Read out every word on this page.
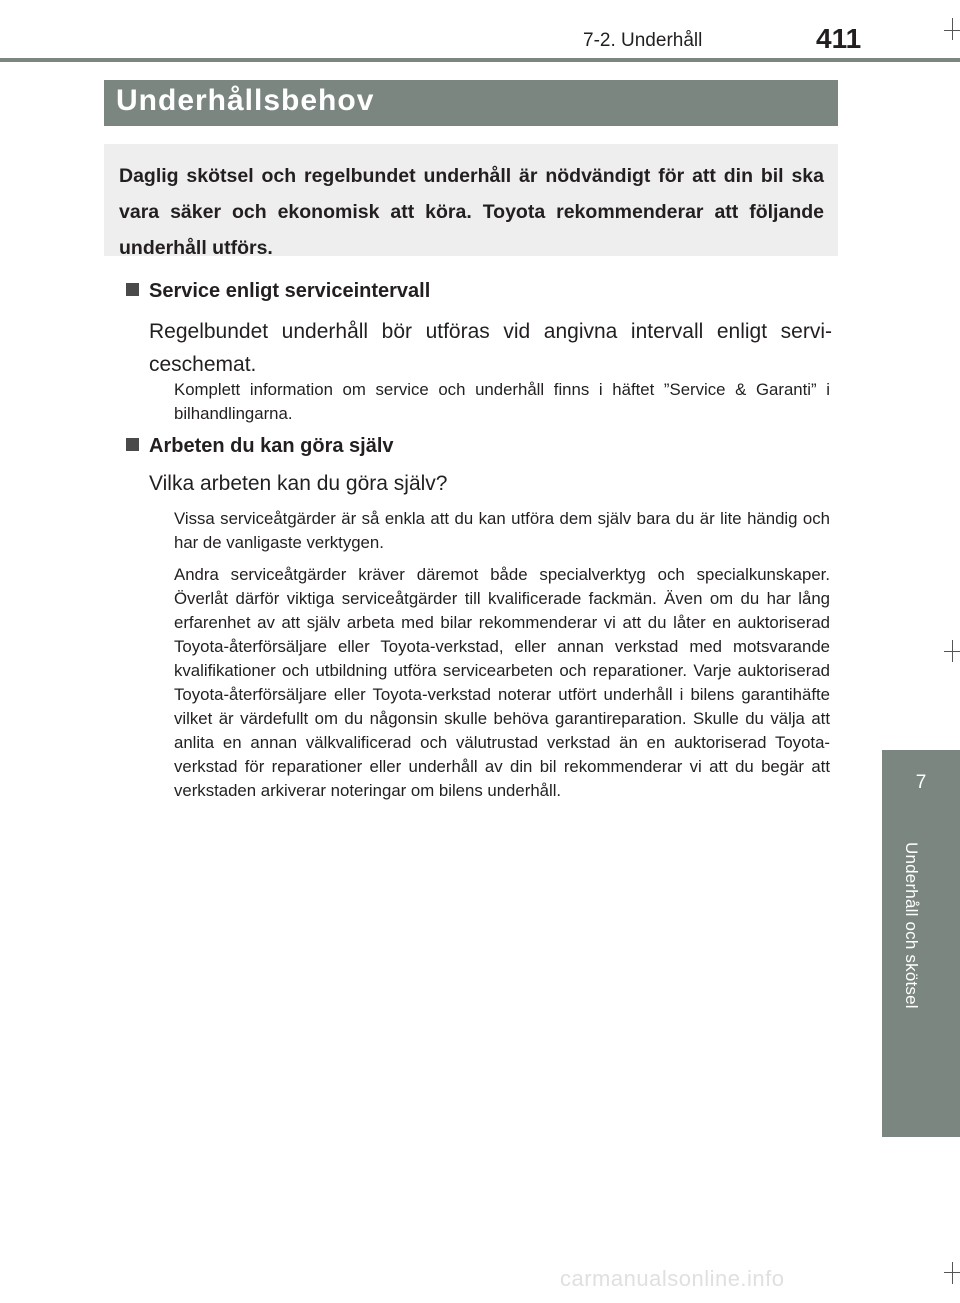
7-2. Underhåll	411
7
Underhåll och skötsel
Underhållsbehov

Daglig skötsel och regelbundet underhåll är nödvändigt för att din bil ska vara säker och ekonomisk att köra. Toyota rekommenderar att följande underhåll utförs.

Service enligt serviceintervall

Regelbundet underhåll bör utföras vid angivna intervall enligt serviceschemat.

Komplett information om service och underhåll finns i häftet ”Service & Garanti” i bilhandlingarna.

Arbeten du kan göra själv

Vilka arbeten kan du göra själv?

Vissa serviceåtgärder är så enkla att du kan utföra dem själv bara du är lite händig och har de vanligaste verktygen.

Andra serviceåtgärder kräver däremot både specialverktyg och specialkunskaper. Överlåt därför viktiga serviceåtgärder till kvalificerade fackmän. Även om du har lång erfarenhet av att själv arbeta med bilar rekommenderar vi att du låter en auktoriserad Toyota-återförsäljare eller Toyota-verkstad, eller annan verkstad med motsvarande kvalifikationer och utbildning utföra servicearbeten och reparationer. Varje auktoriserad Toyota-återförsäljare eller Toyota-verkstad noterar utfört underhåll i bilens garantihäfte vilket är värdefullt om du någonsin skulle behöva garantireparation. Skulle du välja att anlita en annan välkvalificerad och välutrustad verkstad än en auktoriserad Toyota-verkstad för reparationer eller underhåll av din bil rekommenderar vi att du begär att verkstaden arkiverar noteringar om bilens underhåll.

carmanualsonline.info
